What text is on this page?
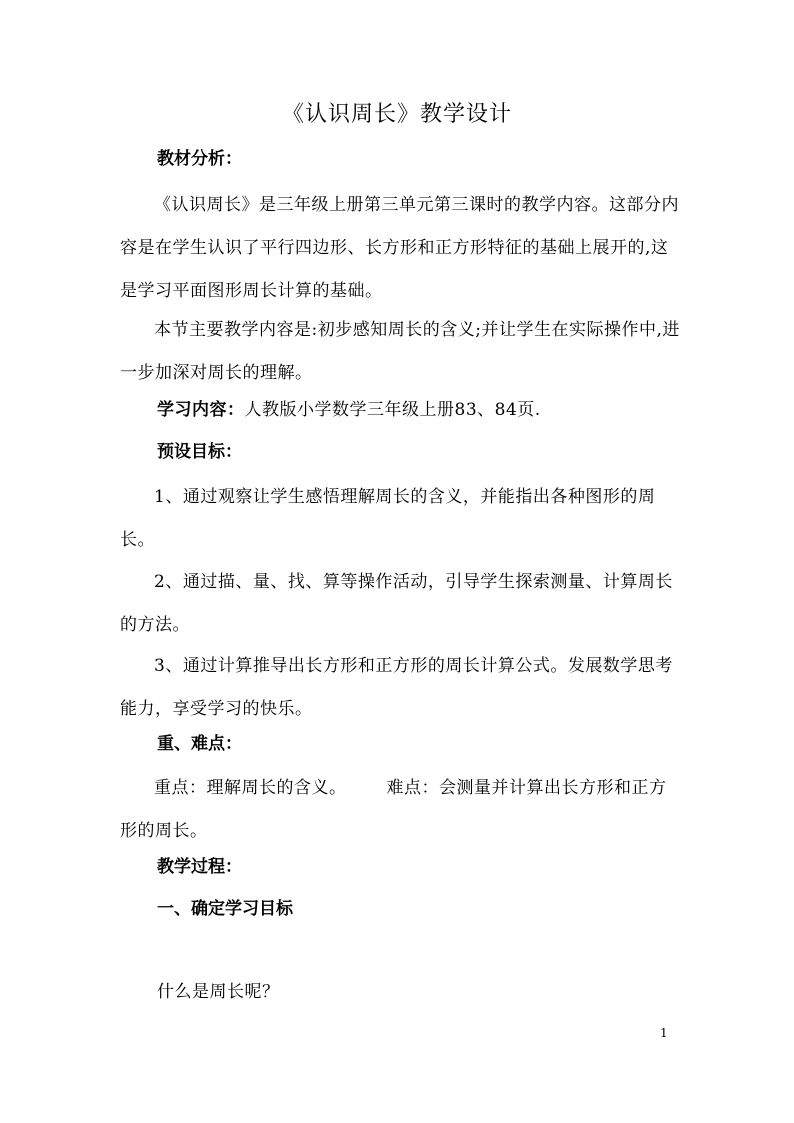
《认识周长》教学设计
教材分析：
《认识周长》是三年级上册第三单元第三课时的教学内容。这部分内容是在学生认识了平行四边形、长方形和正方形特征的基础上展开的,这是学习平面图形周长计算的基础。
本节主要教学内容是:初步感知周长的含义;并让学生在实际操作中,进一步加深对周长的理解。
学习内容：人教版小学数学三年级上册83、84页.
预设目标：
1、通过观察让学生感悟理解周长的含义，并能指出各种图形的周长。
2、通过描、量、找、算等操作活动，引导学生探索测量、计算周长的方法。
3、通过计算推导出长方形和正方形的周长计算公式。发展数学思考能力，享受学习的快乐。
重、难点：
重点：理解周长的含义。 难点：会测量并计算出长方形和正方形的周长。
教学过程：
一、确定学习目标
什么是周长呢？
1
